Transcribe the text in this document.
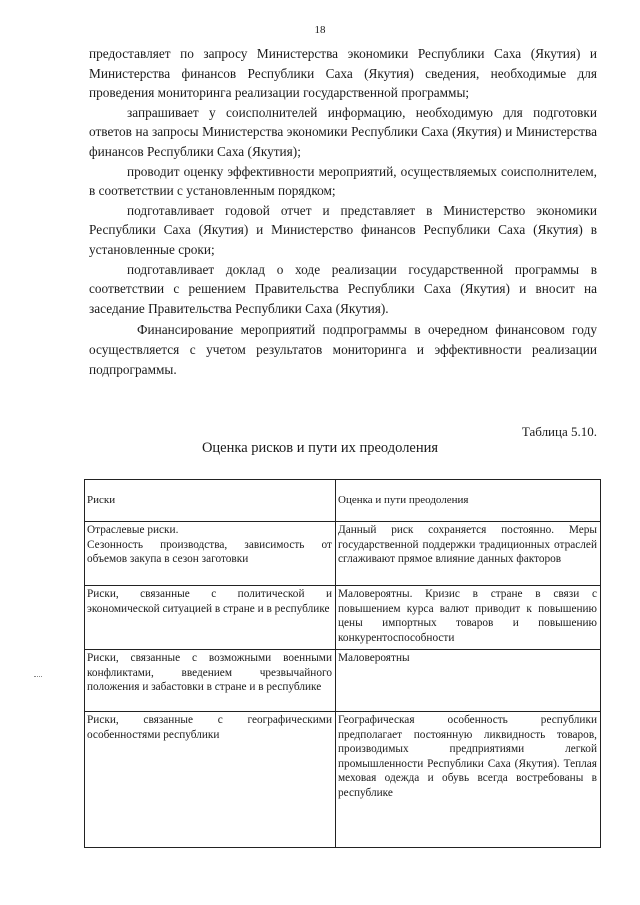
18

предоставляет по запросу Министерства экономики Республики Саха (Якутия) и Министерства финансов Республики Саха (Якутия) сведения, необходимые для проведения мониторинга реализации государственной программы;

запрашивает у соисполнителей информацию, необходимую для подготовки ответов на запросы Министерства экономики Республики Саха (Якутия) и Министерства финансов Республики Саха (Якутия);

проводит оценку эффективности мероприятий, осуществляемых соисполнителем, в соответствии с установленным порядком;

подготавливает годовой отчет и представляет в Министерство экономики Республики Саха (Якутия) и Министерство финансов Республики Саха (Якутия) в установленные сроки;

подготавливает доклад о ходе реализации государственной программы в соответствии с решением Правительства Республики Саха (Якутия) и вносит на заседание Правительства Республики Саха (Якутия).

Финансирование мероприятий подпрограммы в очередном финансовом году осуществляется с учетом результатов мониторинга и эффективности реализации подпрограммы.

Таблица 5.10.
Оценка рисков и пути их преодоления
Риски	Оценка и пути преодоления
Отраслевые риски.
Сезонность производства, зависимость от объемов закупа в сезон заготовки	Данный риск сохраняется постоянно. Меры государственной поддержки традиционных отраслей сглаживают прямое влияние данных факторов
Риски, связанные с политической и экономической ситуацией в стране и в республике	Маловероятны. Кризис в стране в связи с повышением курса валют приводит к повышению цены импортных товаров и повышению конкурентоспособности
Риски, связанные с возможными военными конфликтами, введением чрезвычайного положения и забастовки в стране и в республике	Маловероятны
Риски, связанные с географическими особенностями республики	Географическая особенность республики предполагает постоянную ликвидность товаров, производимых предприятиями легкой промышленности Республики Саха (Якутия). Теплая меховая одежда и обувь всегда востребованы в республике
